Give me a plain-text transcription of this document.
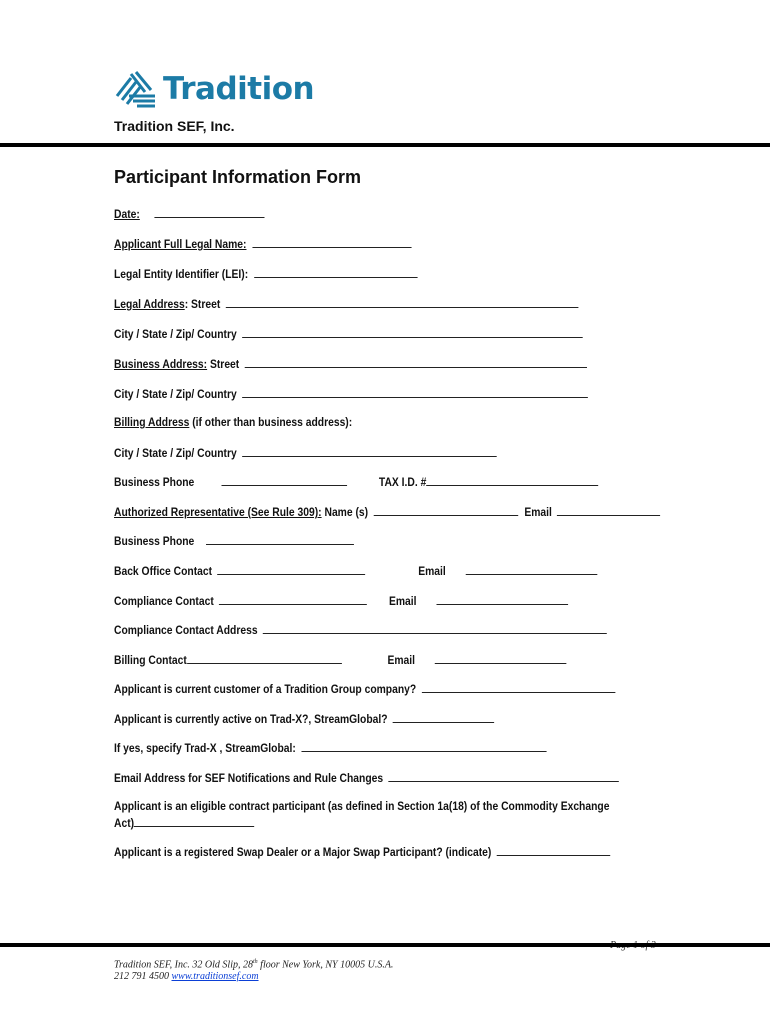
Tradition
Tradition SEF, Inc.
Participant Information Form
Date:
Applicant Full Legal Name:
Legal Entity Identifier (LEI):
Legal Address: Street
City / State / Zip/ Country
Business Address: Street
City / State / Zip/ Country
Billing Address (if other than business address):
City / State / Zip/ Country
Business Phone	TAX I.D. #
Authorized Representative (See Rule 309): Name (s)	Email
Business Phone
Back Office Contact	Email
Compliance Contact	Email
Compliance Contact Address
Billing Contact	Email
Applicant is current customer of a Tradition Group company?
Applicant is currently active on Trad-X?, StreamGlobal?
If yes, specify Trad-X , StreamGlobal:
Email Address for SEF Notifications and Rule Changes
Applicant is an eligible contract participant (as defined in Section 1a(18) of the Commodity Exchange
Act)
Applicant is a registered Swap Dealer or a Major Swap Participant? (indicate)
Tradition SEF, Inc. 32 Old Slip, 28th floor New York, NY 10005 U.S.A.
212 791 4500 www.traditionsef.com
